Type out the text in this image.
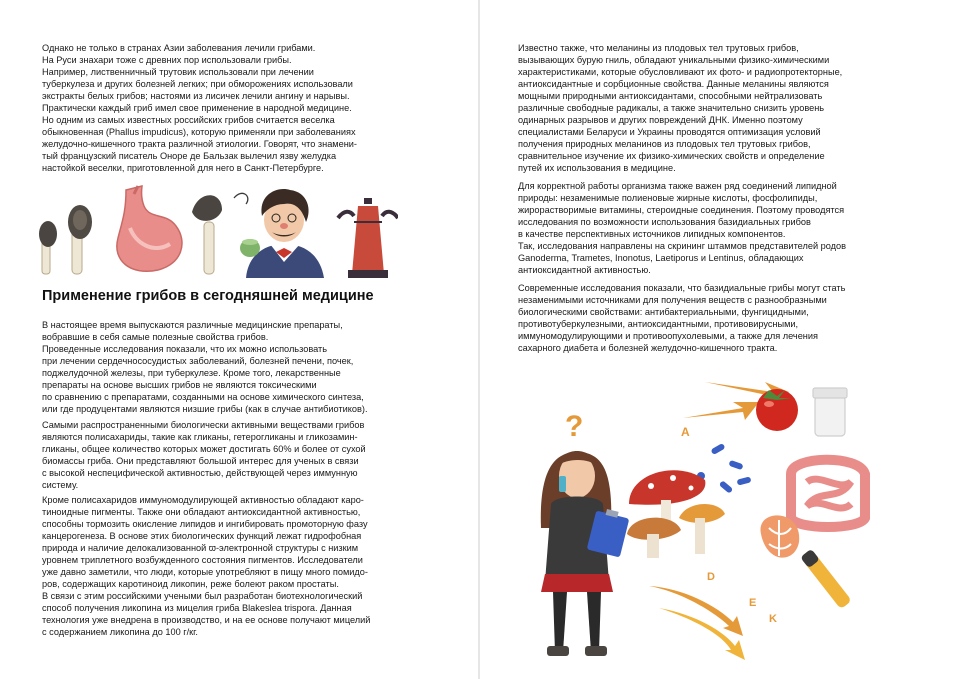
Однако не только в странах Азии заболевания лечили грибами.
На Руси знахари тоже с древних пор использовали грибы.
Например, лиственничный трутовик использовали при лечении
туберкулеза и других болезней легких; при обморожениях использовали
экстракты белых грибов; настоями из лисичек лечили ангину и нарывы.
Практически каждый гриб имел свое применение в народной медицине.
Но одним из самых известных российских грибов считается веселка
обыкновенная (Phallus impudicus), которую применяли при заболеваниях
желудочно-кишечного тракта различной этиологии. Говорят, что знамени-
тый французский писатель Оноре де Бальзак вылечил язву желудка
настойкой веселки, приготовленной для него в Санкт-Петербурге.
Применение грибов в сегодняшней медицине
В настоящее время выпускаются различные медицинские препараты,
вобравшие в себя самые полезные свойства грибов.
Проведенные исследования показали, что их можно использовать
при лечении сердечнососудистых заболеваний, болезней печени, почек,
поджелудочной железы, при туберкулезе. Кроме того, лекарственные
препараты на основе высших грибов не являются токсическими
по сравнению с препаратами, созданными на основе химического синтеза,
или где продуцентами являются низшие грибы (как в случае антибиотиков).
Самыми распространенными биологически активными веществами грибов
являются полисахариды, такие как гликаны, гетерогликаны и гликозамин-
гликаны, общее количество которых может достигать 60% и более от сухой
биомассы гриба. Они представляют большой интерес для ученых в связи
с высокой неспецифической активностью, действующей через иммунную
систему.
Кроме полисахаридов иммуномодулирующей активностью обладают каро-
тиноидные пигменты. Также они обладают антиоксидантной активностью,
способны тормозить окисление липидов и ингибировать промоторную фазу
канцерогенеза. В основе этих биологических функций лежат гидрофобная
природа и наличие делокализованной ϖ-электронной структуры с низким
уровнем триплетного возбужденного состояния пигментов. Исследователи
уже давно заметили, что люди, которые употребляют в пищу много помидо-
ров, содержащих каротиноид ликопин, реже болеют раком простаты.
В связи с этим российскими учеными был разработан биотехнологический
способ получения ликопина из мицелия гриба Blakeslea trispora. Данная
технология уже внедрена в производство, и на ее основе получают мицелий
с содержанием ликопина до 100 г/кг.
Известно также, что меланины из плодовых тел трутовых грибов,
вызывающих бурую гниль, обладают уникальными физико-химическими
характеристиками, которые обусловливают их фото- и радиопротекторные,
антиоксидантные и сорбционные свойства. Данные меланины являются
мощными природными антиоксидантами, способными нейтрализовать
различные свободные радикалы, а также значительно снизить уровень
одинарных разрывов и других повреждений ДНК. Именно поэтому
специалистами Беларуси и Украины проводятся оптимизация условий
получения природных меланинов из плодовых тел трутовых грибов,
сравнительное изучение их физико-химических свойств и определение
путей их использования в медицине.
Для корректной работы организма также важен ряд соединений липидной
природы: незаменимые полиеновые жирные кислоты, фосфолипиды,
жирорастворимые витамины, стероидные соединения. Поэтому проводятся
исследования по возможности использования базидиальных грибов
в качестве перспективных источников липидных компонентов.
Так, исследования направлены на скрининг штаммов представителей родов
Ganoderma, Trametes, Inonotus, Laetiporus и Lentinus, обладающих
антиоксидантной активностью.
Современные исследования показали, что базидиальные грибы могут стать
незаменимыми источниками для получения веществ с разнообразными
биологическими свойствами: антибактериальными, фунгицидными,
противотуберкулезными, антиоксидантными, противовирусными,
иммуномодулирующими и противоопухолевыми, а также для лечения
сахарного диабета и болезней желудочно-кишечного тракта.
?	A
D
E
K
